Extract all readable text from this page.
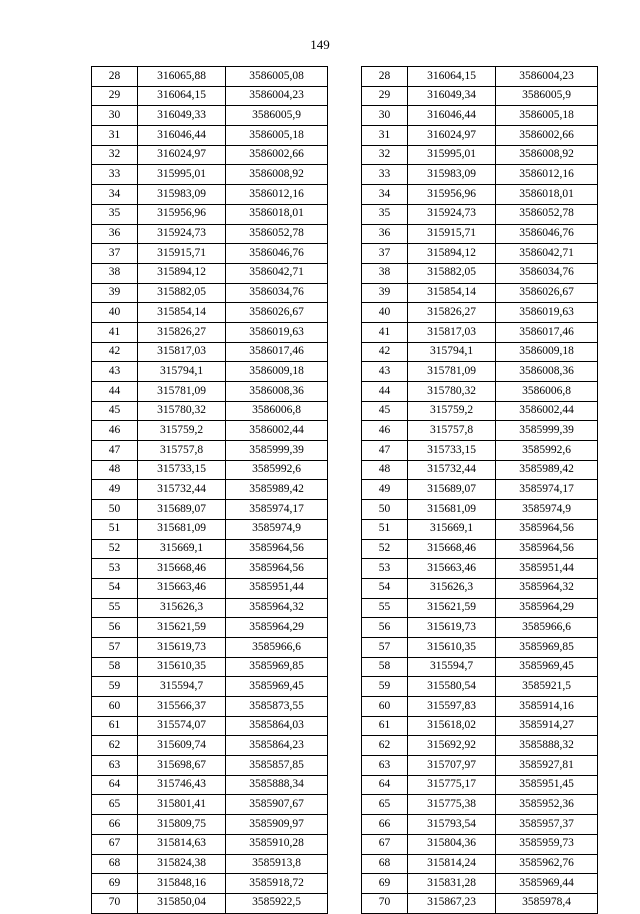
149
28	316065,88	3586005,08
29	316064,15	3586004,23
30	316049,33	3586005,9
31	316046,44	3586005,18
32	316024,97	3586002,66
33	315995,01	3586008,92
34	315983,09	3586012,16
35	315956,96	3586018,01
36	315924,73	3586052,78
37	315915,71	3586046,76
38	315894,12	3586042,71
39	315882,05	3586034,76
40	315854,14	3586026,67
41	315826,27	3586019,63
42	315817,03	3586017,46
43	315794,1	3586009,18
44	315781,09	3586008,36
45	315780,32	3586006,8
46	315759,2	3586002,44
47	315757,8	3585999,39
48	315733,15	3585992,6
49	315732,44	3585989,42
50	315689,07	3585974,17
51	315681,09	3585974,9
52	315669,1	3585964,56
53	315668,46	3585964,56
54	315663,46	3585951,44
55	315626,3	3585964,32
56	315621,59	3585964,29
57	315619,73	3585966,6
58	315610,35	3585969,85
59	315594,7	3585969,45
60	315566,37	3585873,55
61	315574,07	3585864,03
62	315609,74	3585864,23
63	315698,67	3585857,85
64	315746,43	3585888,34
65	315801,41	3585907,67
66	315809,75	3585909,97
67	315814,63	3585910,28
68	315824,38	3585913,8
69	315848,16	3585918,72
70	315850,04	3585922,5
28	316064,15	3586004,23
29	316049,34	3586005,9
30	316046,44	3586005,18
31	316024,97	3586002,66
32	315995,01	3586008,92
33	315983,09	3586012,16
34	315956,96	3586018,01
35	315924,73	3586052,78
36	315915,71	3586046,76
37	315894,12	3586042,71
38	315882,05	3586034,76
39	315854,14	3586026,67
40	315826,27	3586019,63
41	315817,03	3586017,46
42	315794,1	3586009,18
43	315781,09	3586008,36
44	315780,32	3586006,8
45	315759,2	3586002,44
46	315757,8	3585999,39
47	315733,15	3585992,6
48	315732,44	3585989,42
49	315689,07	3585974,17
50	315681,09	3585974,9
51	315669,1	3585964,56
52	315668,46	3585964,56
53	315663,46	3585951,44
54	315626,3	3585964,32
55	315621,59	3585964,29
56	315619,73	3585966,6
57	315610,35	3585969,85
58	315594,7	3585969,45
59	315580,54	3585921,5
60	315597,83	3585914,16
61	315618,02	3585914,27
62	315692,92	3585888,32
63	315707,97	3585927,81
64	315775,17	3585951,45
65	315775,38	3585952,36
66	315793,54	3585957,37
67	315804,36	3585959,73
68	315814,24	3585962,76
69	315831,28	3585969,44
70	315867,23	3585978,4
